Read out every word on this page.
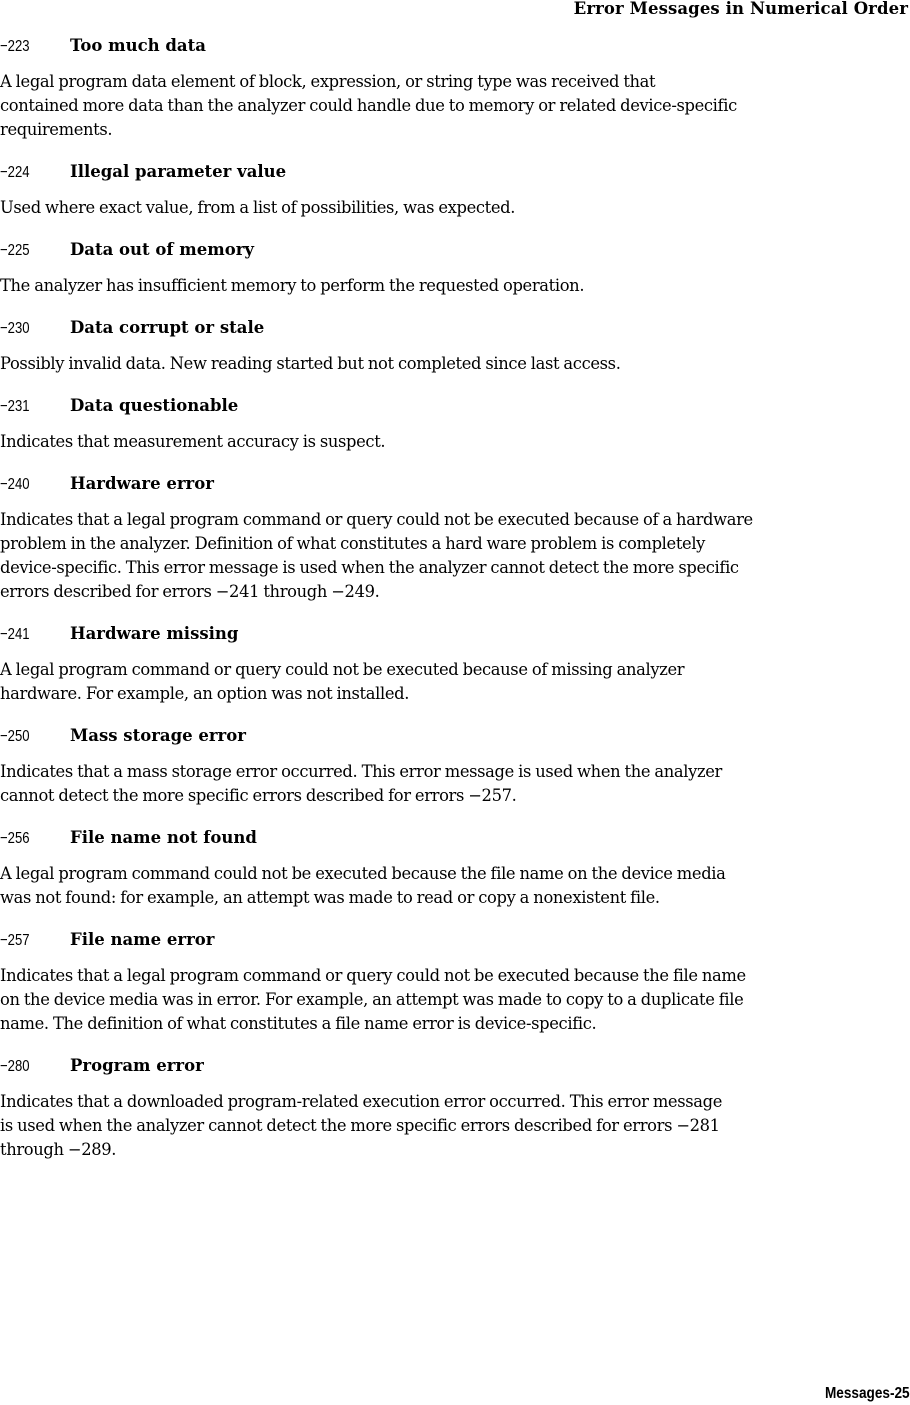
Error Messages in Numerical Order
−223	Too much data
A legal program data element of block, expression, or string type was received that
contained more data than the analyzer could handle due to memory or related device-specific
requirements.
−224	Illegal parameter value
Used where exact value, from a list of possibilities, was expected.
−225	Data out of memory
The analyzer has insufficient memory to perform the requested operation.
−230	Data corrupt or stale
Possibly invalid data. New reading started but not completed since last access.
−231	Data questionable
Indicates that measurement accuracy is suspect.
−240	Hardware error
Indicates that a legal program command or query could not be executed because of a hardware
problem in the analyzer. Definition of what constitutes a hard ware problem is completely
device-specific. This error message is used when the analyzer cannot detect the more specific
errors described for errors −241 through −249.
−241	Hardware missing
A legal program command or query could not be executed because of missing analyzer
hardware. For example, an option was not installed.
−250	Mass storage error
Indicates that a mass storage error occurred. This error message is used when the analyzer
cannot detect the more specific errors described for errors −257.
−256	File name not found
A legal program command could not be executed because the file name on the device media
was not found: for example, an attempt was made to read or copy a nonexistent file.
−257	File name error
Indicates that a legal program command or query could not be executed because the file name
on the device media was in error. For example, an attempt was made to copy to a duplicate file
name. The definition of what constitutes a file name error is device-specific.
−280	Program error
Indicates that a downloaded program-related execution error occurred. This error message
is used when the analyzer cannot detect the more specific errors described for errors −281
through −289.
Messages-25
